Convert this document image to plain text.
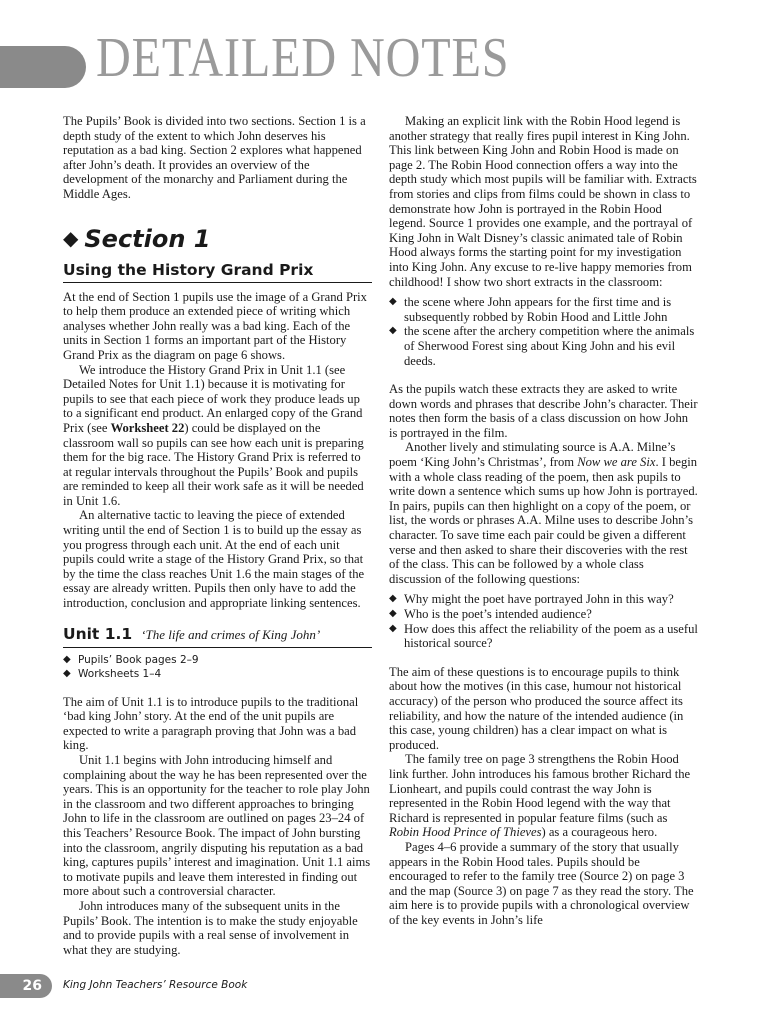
DETAILED NOTES

The Pupils’ Book is divided into two sections. Section 1 is a depth study of the extent to which John deserves his reputation as a bad king. Section 2 explores what happened after John’s death. It provides an overview of the development of the monarchy and Parliament during the Middle Ages.

◆ Section 1
Using the History Grand Prix

At the end of Section 1 pupils use the image of a Grand Prix to help them produce an extended piece of writing which analyses whether John really was a bad king. Each of the units in Section 1 forms an important part of the History Grand Prix as the diagram on page 6 shows.

We introduce the History Grand Prix in Unit 1.1 (see Detailed Notes for Unit 1.1) because it is motivating for pupils to see that each piece of work they produce leads up to a significant end product. An enlarged copy of the Grand Prix (see Worksheet 22) could be displayed on the classroom wall so pupils can see how each unit is preparing them for the big race. The History Grand Prix is referred to at regular intervals throughout the Pupils’ Book and pupils are reminded to keep all their work safe as it will be needed in Unit 1.6.

An alternative tactic to leaving the piece of extended writing until the end of Section 1 is to build up the essay as you progress through each unit. At the end of each unit pupils could write a stage of the History Grand Prix, so that by the time the class reaches Unit 1.6 the main stages of the essay are already written. Pupils then only have to add the introduction, conclusion and appropriate linking sentences.

Unit 1.1 ‘The life and crimes of King John’
◆ Pupils’ Book pages 2–9
◆ Worksheets 1–4

The aim of Unit 1.1 is to introduce pupils to the traditional ‘bad king John’ story. At the end of the unit pupils are expected to write a paragraph proving that John was a bad king.

Unit 1.1 begins with John introducing himself and complaining about the way he has been represented over the years. This is an opportunity for the teacher to role play John in the classroom and two different approaches to bringing John to life in the classroom are outlined on pages 23–24 of this Teachers’ Resource Book. The impact of John bursting into the classroom, angrily disputing his reputation as a bad king, captures pupils’ interest and imagination. Unit 1.1 aims to motivate pupils and leave them interested in finding out more about such a controversial character.

John introduces many of the subsequent units in the Pupils’ Book. The intention is to make the study enjoyable and to provide pupils with a real sense of involvement in what they are studying.

Making an explicit link with the Robin Hood legend is another strategy that really fires pupil interest in King John. This link between King John and Robin Hood is made on page 2. The Robin Hood connection offers a way into the depth study which most pupils will be familiar with. Extracts from stories and clips from films could be shown in class to demonstrate how John is portrayed in the Robin Hood legend. Source 1 provides one example, and the portrayal of King John in Walt Disney’s classic animated tale of Robin Hood always forms the starting point for my investigation into King John. Any excuse to re-live happy memories from childhood! I show two short extracts in the classroom:

◆ the scene where John appears for the first time and is subsequently robbed by Robin Hood and Little John
◆ the scene after the archery competition where the animals of Sherwood Forest sing about King John and his evil deeds.

As the pupils watch these extracts they are asked to write down words and phrases that describe John’s character. Their notes then form the basis of a class discussion on how John is portrayed in the film.

Another lively and stimulating source is A.A. Milne’s poem ‘King John’s Christmas’, from Now we are Six. I begin with a whole class reading of the poem, then ask pupils to write down a sentence which sums up how John is portrayed. In pairs, pupils can then highlight on a copy of the poem, or list, the words or phrases A.A. Milne uses to describe John’s character. To save time each pair could be given a different verse and then asked to share their discoveries with the rest of the class. This can be followed by a whole class discussion of the following questions:

◆ Why might the poet have portrayed John in this way?
◆ Who is the poet’s intended audience?
◆ How does this affect the reliability of the poem as a useful historical source?

The aim of these questions is to encourage pupils to think about how the motives (in this case, humour not historical accuracy) of the person who produced the source affect its reliability, and how the nature of the intended audience (in this case, young children) has a clear impact on what is produced.

The family tree on page 3 strengthens the Robin Hood link further. John introduces his famous brother Richard the Lionheart, and pupils could contrast the way John is represented in the Robin Hood legend with the way that Richard is represented in popular feature films (such as Robin Hood Prince of Thieves) as a courageous hero.

Pages 4–6 provide a summary of the story that usually appears in the Robin Hood tales. Pupils should be encouraged to refer to the family tree (Source 2) on page 3 and the map (Source 3) on page 7 as they read the story. The aim here is to provide pupils with a chronological overview of the key events in John’s life

26	King John Teachers’ Resource Book
